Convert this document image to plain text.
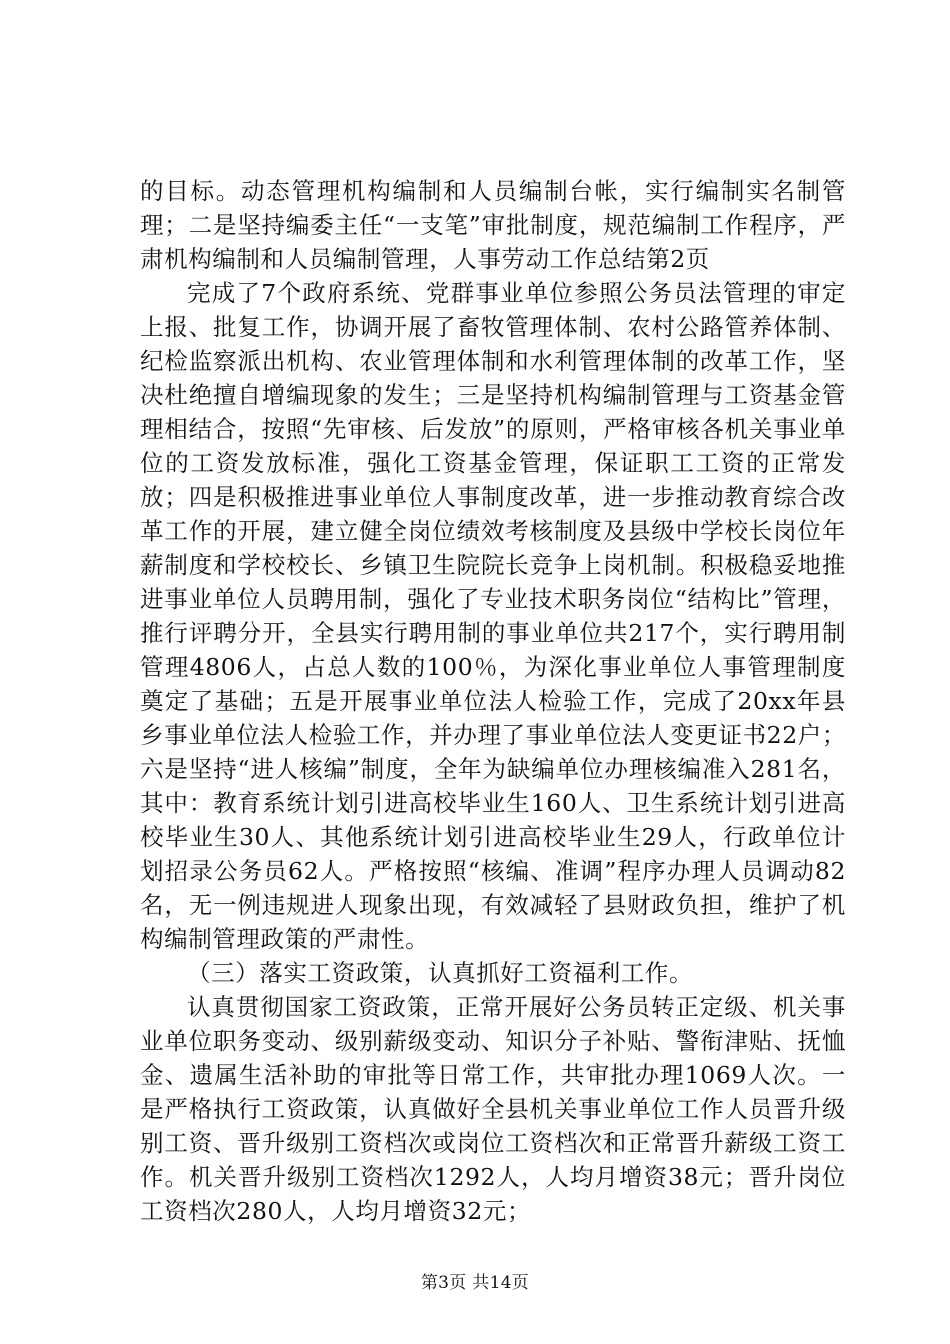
的目标。动态管理机构编制和人员编制台帐，实行编制实名制管理；二是坚持编委主任“一支笔”审批制度，规范编制工作程序，严肃机构编制和人员编制管理，人事劳动工作总结第2页

完成了7个政府系统、党群事业单位参照公务员法管理的审定上报、批复工作，协调开展了畜牧管理体制、农村公路管养体制、纪检监察派出机构、农业管理体制和水利管理体制的改革工作，坚决杜绝擅自增编现象的发生；三是坚持机构编制管理与工资基金管理相结合，按照“先审核、后发放”的原则，严格审核各机关事业单位的工资发放标准，强化工资基金管理，保证职工工资的正常发放；四是积极推进事业单位人事制度改革，进一步推动教育综合改革工作的开展，建立健全岗位绩效考核制度及县级中学校长岗位年薪制度和学校校长、乡镇卫生院院长竞争上岗机制。积极稳妥地推进事业单位人员聘用制，强化了专业技术职务岗位“结构比”管理，推行评聘分开，全县实行聘用制的事业单位共217个，实行聘用制管理4806人，占总人数的100％，为深化事业单位人事管理制度奠定了基础；五是开展事业单位法人检验工作，完成了20xx年县乡事业单位法人检验工作，并办理了事业单位法人变更证书22户；六是坚持“进人核编”制度，全年为缺编单位办理核编准入281名，其中：教育系统计划引进高校毕业生160人、卫生系统计划引进高校毕业生30人、其他系统计划引进高校毕业生29人，行政单位计划招录公务员62人。严格按照“核编、准调”程序办理人员调动82名，无一例违规进人现象出现，有效减轻了县财政负担，维护了机构编制管理政策的严肃性。

（三）落实工资政策，认真抓好工资福利工作。

认真贯彻国家工资政策，正常开展好公务员转正定级、机关事业单位职务变动、级别薪级变动、知识分子补贴、警衔津贴、抚恤金、遗属生活补助的审批等日常工作，共审批办理1069人次。一是严格执行工资政策，认真做好全县机关事业单位工作人员晋升级别工资、晋升级别工资档次或岗位工资档次和正常晋升薪级工资工作。机关晋升级别工资档次1292人，人均月增资38元；晋升岗位工资档次280人，人均月增资32元；

第3页 共14页
